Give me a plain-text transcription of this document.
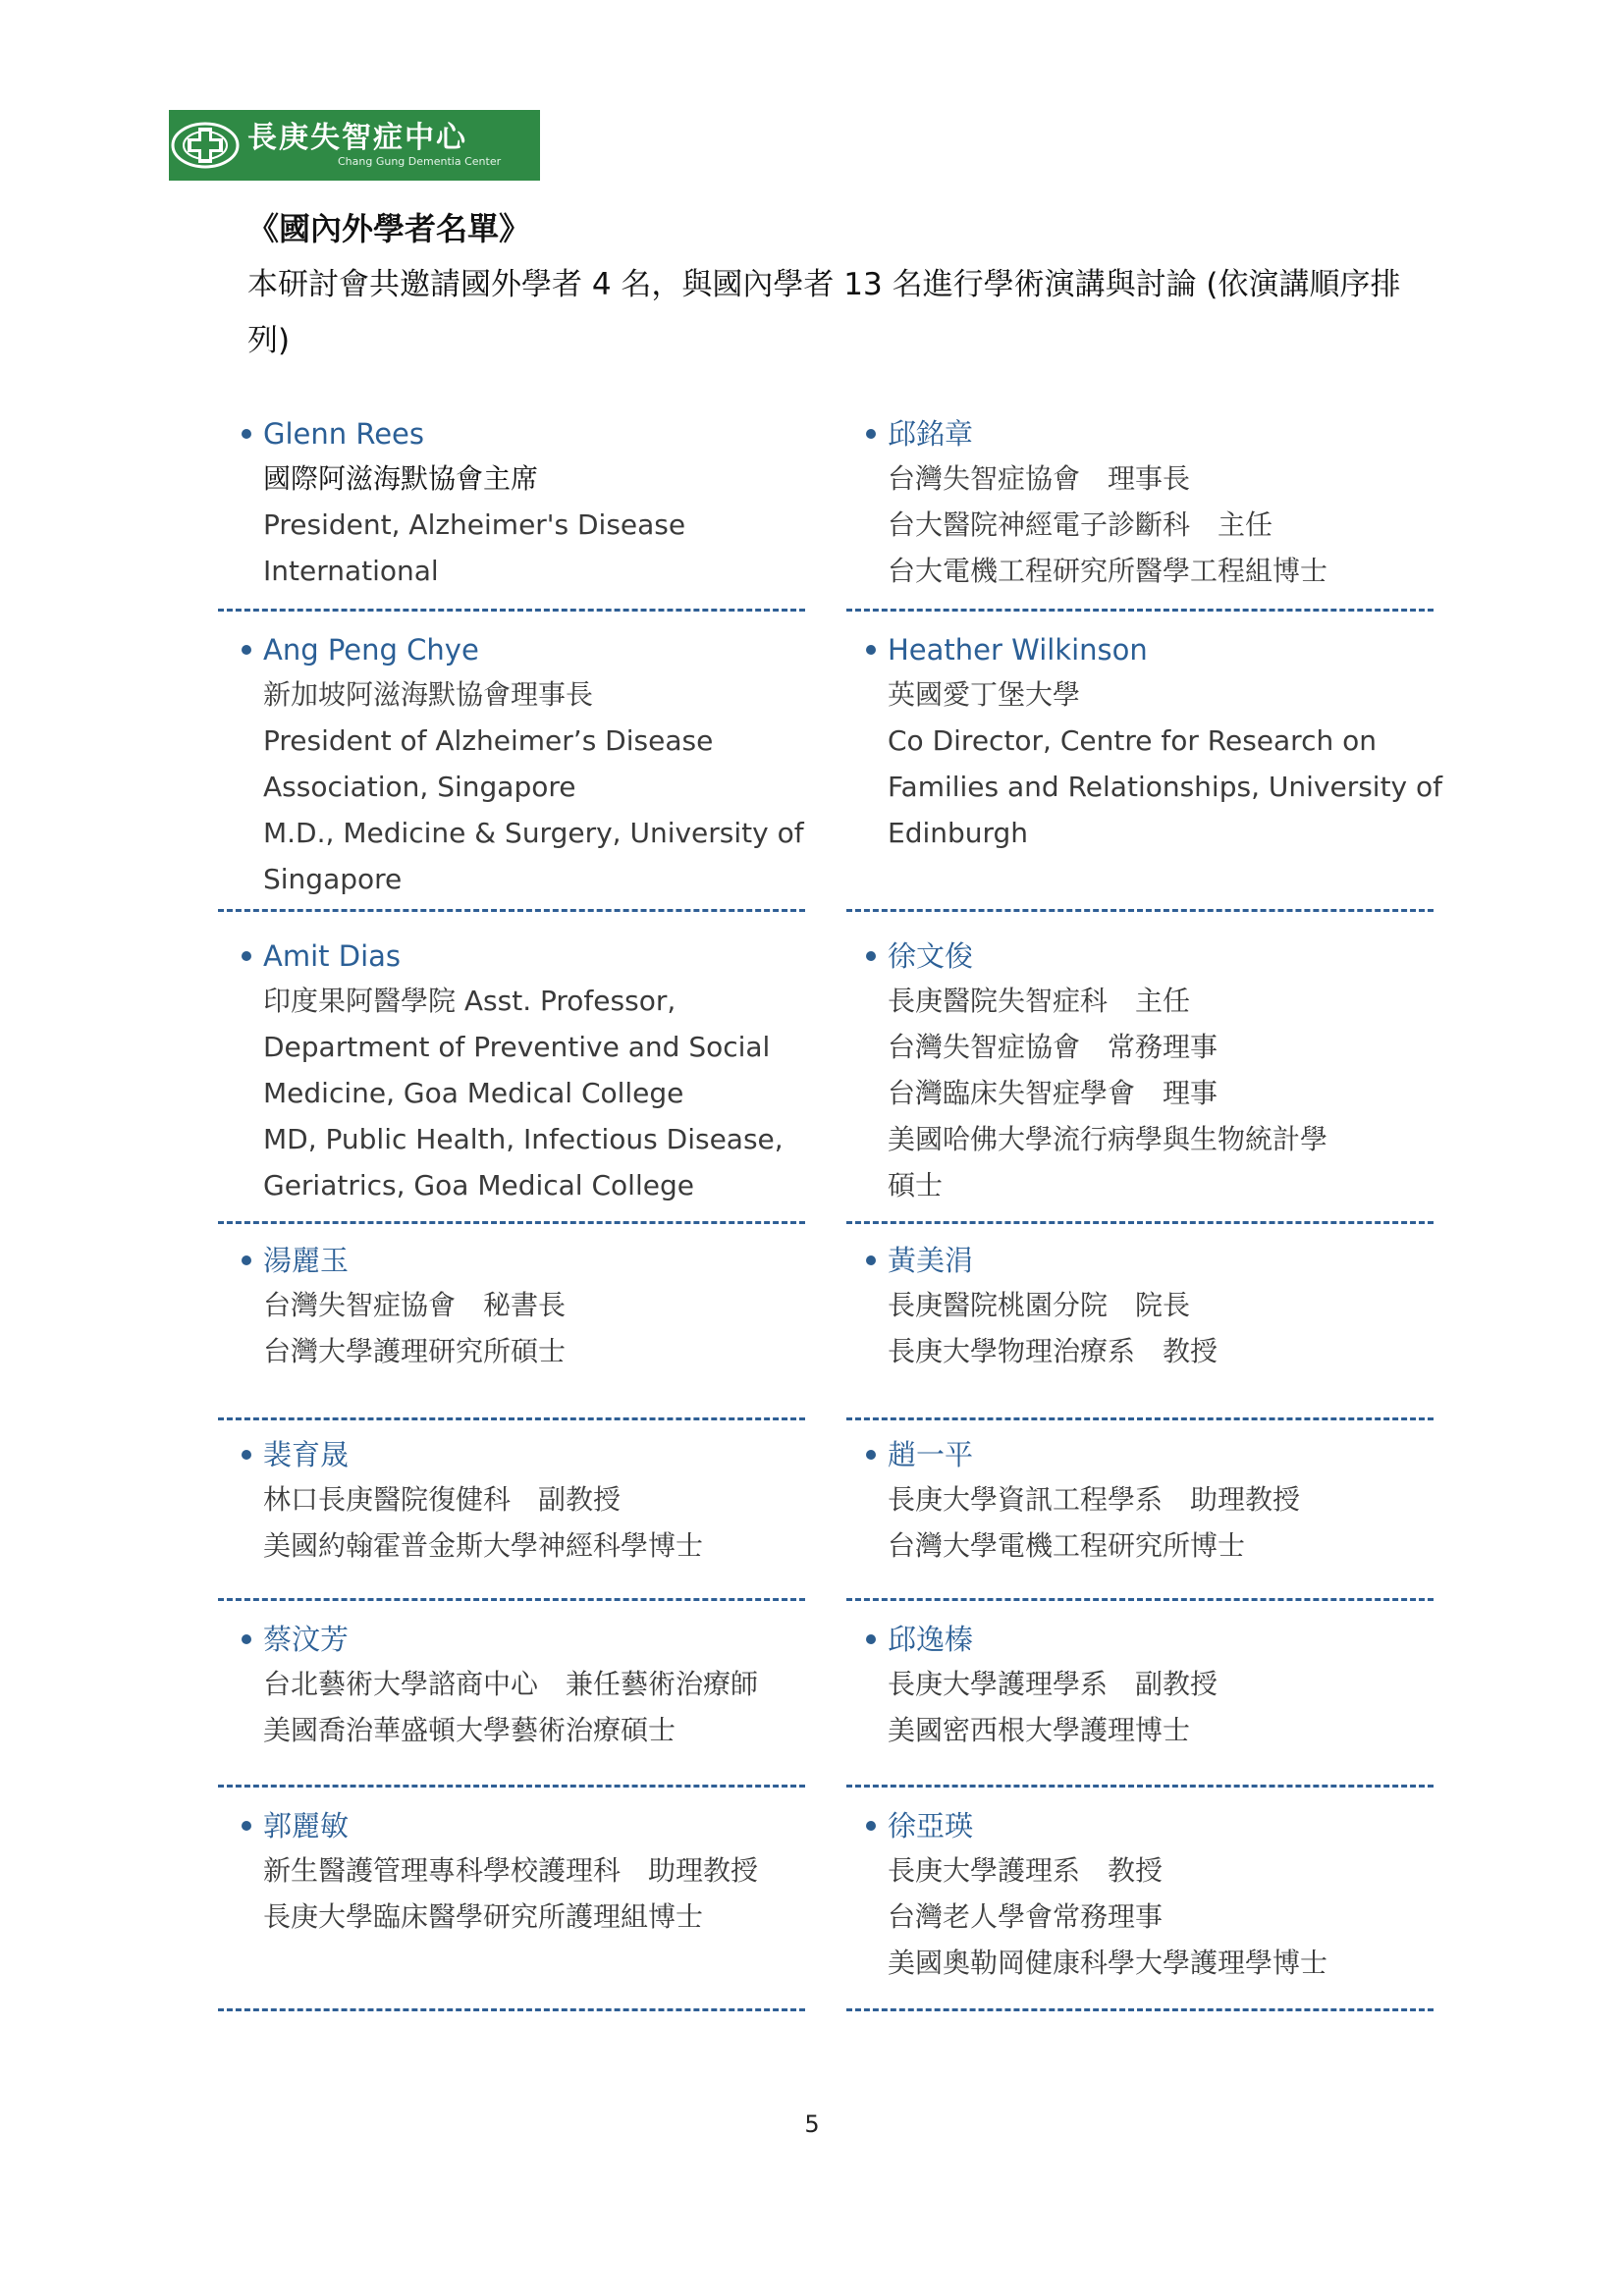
長庚失智症中心
Chang Gung Dementia Center
《國內外學者名單》
本研討會共邀請國外學者 4 名，與國內學者 13 名進行學術演講與討論 (依演講順序排列)
Glenn Rees
國際阿滋海默協會主席
President, Alzheimer's Disease
International
Ang Peng Chye
新加坡阿滋海默協會理事長
President of Alzheimer’s Disease
Association, Singapore
M.D., Medicine & Surgery, University of
Singapore
Amit Dias
印度果阿醫學院 Asst. Professor,
Department of Preventive and Social
Medicine, Goa Medical College
MD, Public Health, Infectious Disease,
Geriatrics, Goa Medical College
湯麗玉
台灣失智症協會　秘書長
台灣大學護理研究所碩士
裴育晟
林口長庚醫院復健科　副教授
美國約翰霍普金斯大學神經科學博士
蔡汶芳
台北藝術大學諮商中心　兼任藝術治療師
美國喬治華盛頓大學藝術治療碩士
郭麗敏
新生醫護管理專科學校護理科　助理教授
長庚大學臨床醫學研究所護理組博士
邱銘章
台灣失智症協會　理事長
台大醫院神經電子診斷科　主任
台大電機工程研究所醫學工程組博士
Heather Wilkinson
英國愛丁堡大學
Co Director, Centre for Research on
Families and Relationships, University of
Edinburgh
徐文俊
長庚醫院失智症科　主任
台灣失智症協會　常務理事
台灣臨床失智症學會　理事
美國哈佛大學流行病學與生物統計學
碩士
黃美涓
長庚醫院桃園分院　院長
長庚大學物理治療系　教授
趙一平
長庚大學資訊工程學系　助理教授
台灣大學電機工程研究所博士
邱逸榛
長庚大學護理學系　副教授
美國密西根大學護理博士
徐亞瑛
長庚大學護理系　教授
台灣老人學會常務理事
美國奧勒岡健康科學大學護理學博士
5
